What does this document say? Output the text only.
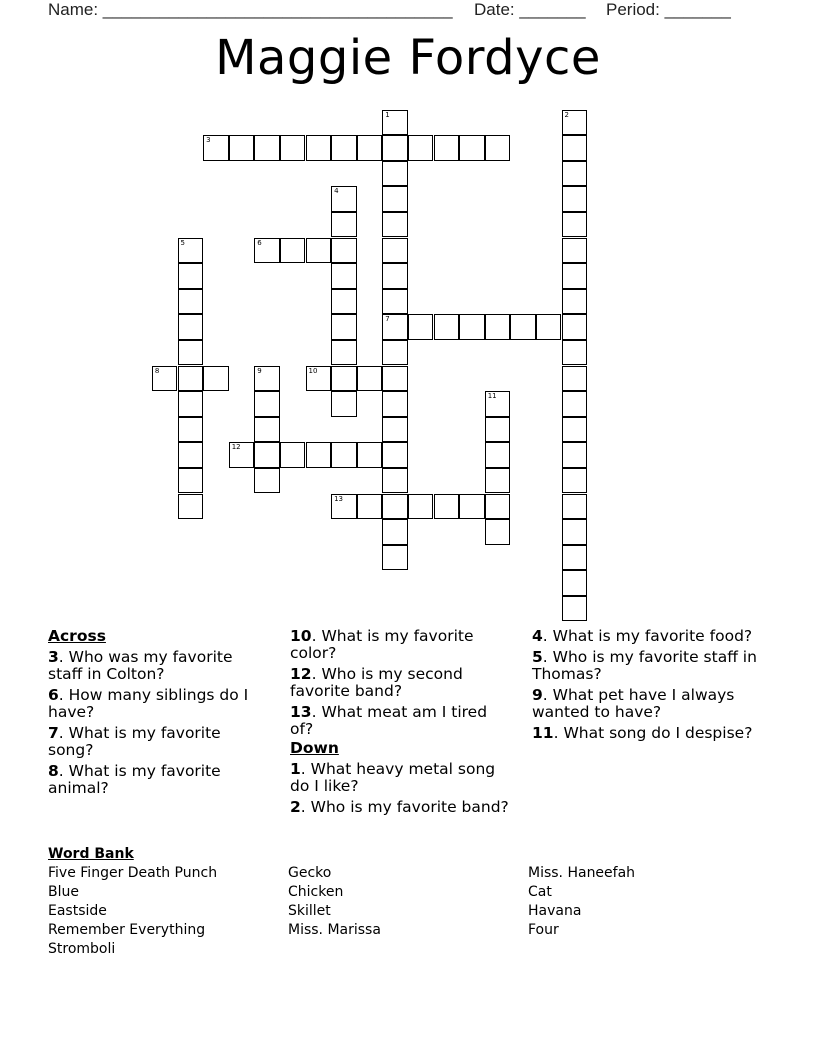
Name: _____________________________________ Date: _______ Period: _______
Maggie Fordyce
1
7
2
3
4
5	6
8	9	10
11
12
13
Across
3. Who was my favorite staff in Colton?
6. How many siblings do I have?
7. What is my favorite song?
8. What is my favorite animal?
10. What is my favorite color?
12. Who is my second favorite band?
13. What meat am I tired of?
Down
1. What heavy metal song do I like?
2. Who is my favorite band?
4. What is my favorite food?
5. Who is my favorite staff in Thomas?
9. What pet have I always wanted to have?
11. What song do I despise?
Word Bank
Five Finger Death Punch
Blue
Eastside
Remember Everything
Stromboli
Gecko
Chicken
Skillet
Miss. Marissa
Miss. Haneefah
Cat
Havana
Four
